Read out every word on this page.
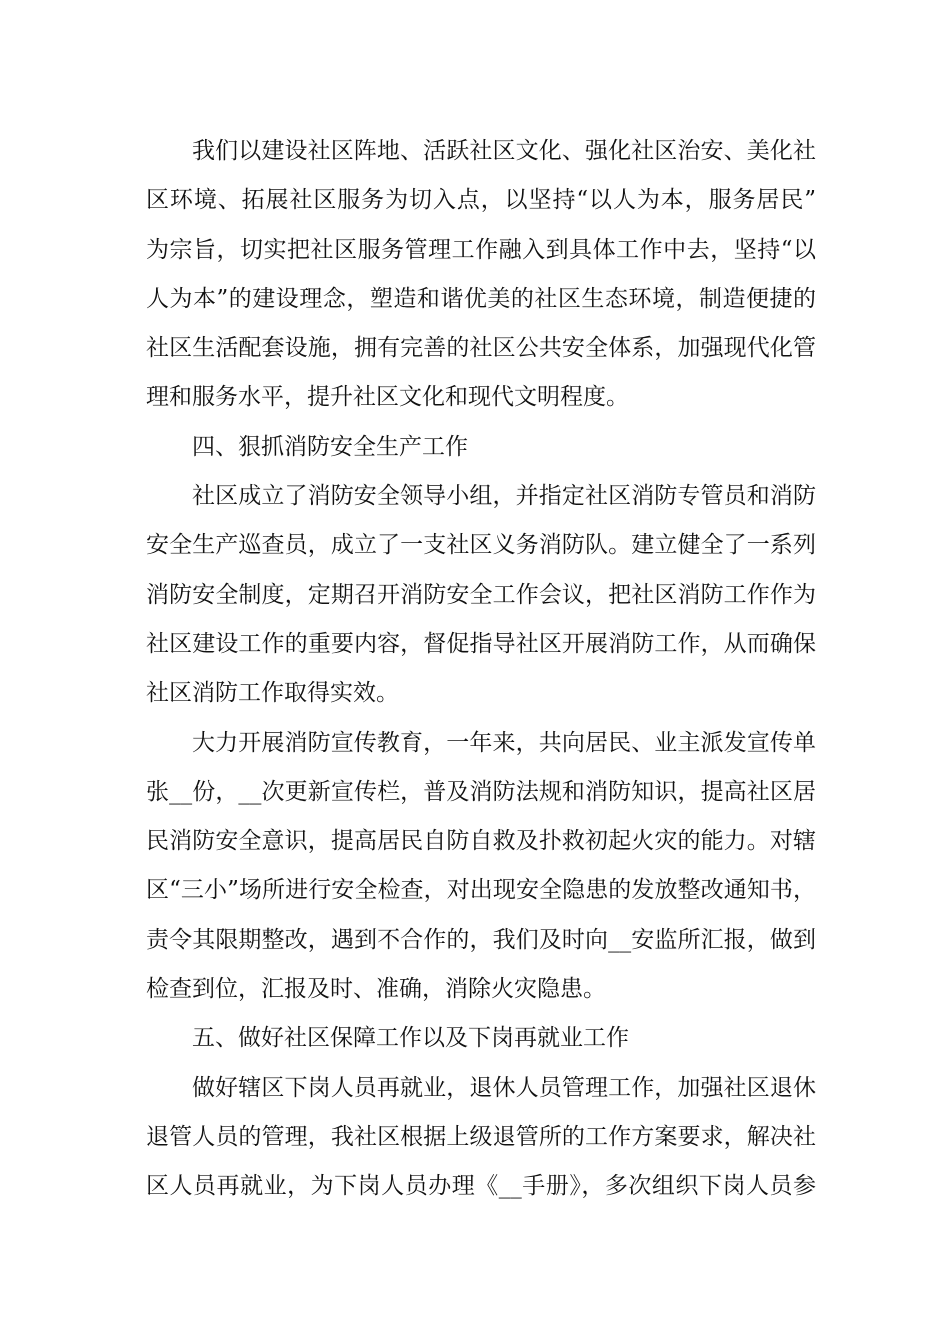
我们以建设社区阵地、活跃社区文化、强化社区治安、美化社
区环境、拓展社区服务为切入点，以坚持“以人为本，服务居民”
为宗旨，切实把社区服务管理工作融入到具体工作中去，坚持“以
人为本”的建设理念，塑造和谐优美的社区生态环境，制造便捷的
社区生活配套设施，拥有完善的社区公共安全体系，加强现代化管
理和服务水平，提升社区文化和现代文明程度。
四、狠抓消防安全生产工作
社区成立了消防安全领导小组，并指定社区消防专管员和消防
安全生产巡查员，成立了一支社区义务消防队。建立健全了一系列
消防安全制度，定期召开消防安全工作会议，把社区消防工作作为
社区建设工作的重要内容，督促指导社区开展消防工作，从而确保
社区消防工作取得实效。
大力开展消防宣传教育，一年来，共向居民、业主派发宣传单
张__份，__次更新宣传栏，普及消防法规和消防知识，提高社区居
民消防安全意识，提高居民自防自救及扑救初起火灾的能力。对辖
区“三小”场所进行安全检查，对出现安全隐患的发放整改通知书，
责令其限期整改，遇到不合作的，我们及时向__安监所汇报，做到
检查到位，汇报及时、准确，消除火灾隐患。
五、做好社区保障工作以及下岗再就业工作
做好辖区下岗人员再就业，退休人员管理工作，加强社区退休
退管人员的管理，我社区根据上级退管所的工作方案要求，解决社
区人员再就业，为下岗人员办理《__手册》，多次组织下岗人员参
